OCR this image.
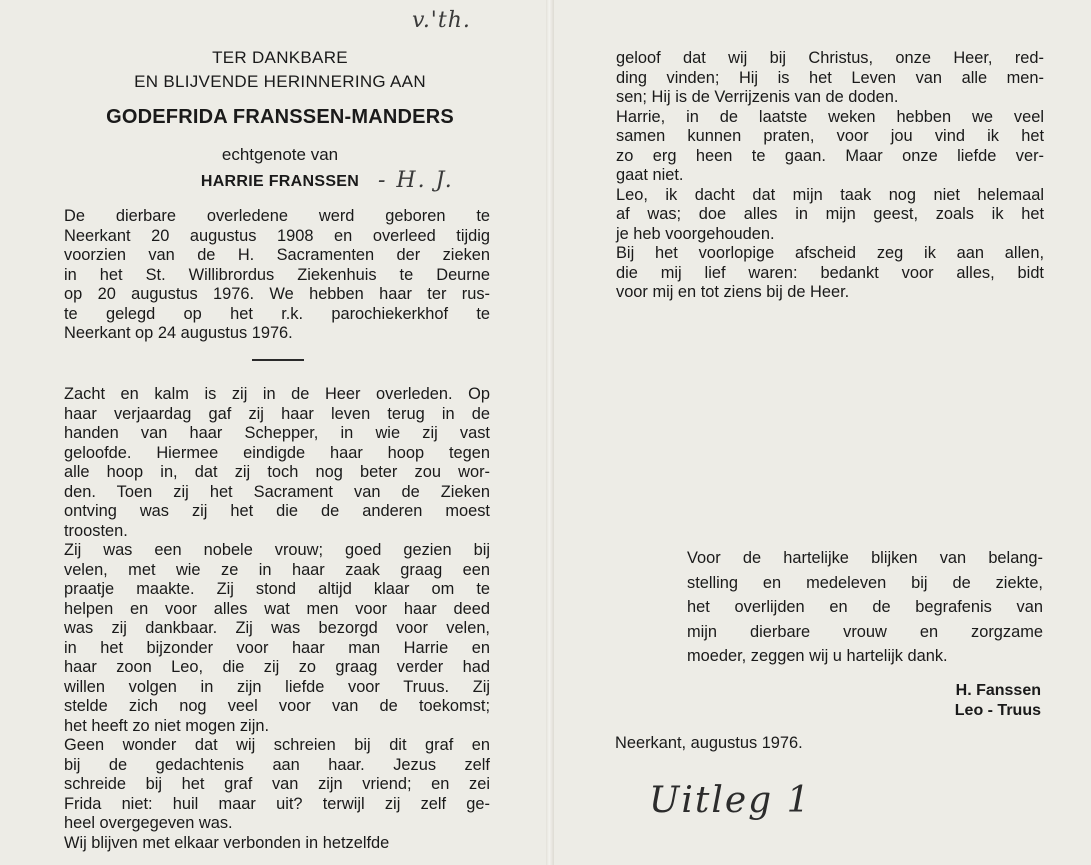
v.'th.
TER DANKBARE
EN BLIJVENDE HERINNERING AAN
GODEFRIDA FRANSSEN-MANDERS
echtgenote van
HARRIE FRANSSEN - H. J.
De dierbare overledene werd geboren te
Neerkant 20 augustus 1908 en overleed tijdig
voorzien van de H. Sacramenten der zieken
in het St. Willibrordus Ziekenhuis te Deurne
op 20 augustus 1976. We hebben haar ter rus-
te gelegd op het r.k. parochiekerkhof te
Neerkant op 24 augustus 1976.
Zacht en kalm is zij in de Heer overleden. Op
haar verjaardag gaf zij haar leven terug in de
handen van haar Schepper, in wie zij vast
geloofde. Hiermee eindigde haar hoop tegen
alle hoop in, dat zij toch nog beter zou wor-
den. Toen zij het Sacrament van de Zieken
ontving was zij het die de anderen moest
troosten.
Zij was een nobele vrouw; goed gezien bij
velen, met wie ze in haar zaak graag een
praatje maakte. Zij stond altijd klaar om te
helpen en voor alles wat men voor haar deed
was zij dankbaar. Zij was bezorgd voor velen,
in het bijzonder voor haar man Harrie en
haar zoon Leo, die zij zo graag verder had
willen volgen in zijn liefde voor Truus. Zij
stelde zich nog veel voor van de toekomst;
het heeft zo niet mogen zijn.
Geen wonder dat wij schreien bij dit graf en
bij de gedachtenis aan haar. Jezus zelf
schreide bij het graf van zijn vriend; en zei
Frida niet: huil maar uit? terwijl zij zelf ge-
heel overgegeven was.
Wij blijven met elkaar verbonden in hetzelfde
geloof dat wij bij Christus, onze Heer, red-
ding vinden; Hij is het Leven van alle men-
sen; Hij is de Verrijzenis van de doden.
Harrie, in de laatste weken hebben we veel
samen kunnen praten, voor jou vind ik het
zo erg heen te gaan. Maar onze liefde ver-
gaat niet.
Leo, ik dacht dat mijn taak nog niet helemaal
af was; doe alles in mijn geest, zoals ik het
je heb voorgehouden.
Bij het voorlopige afscheid zeg ik aan allen,
die mij lief waren: bedankt voor alles, bidt
voor mij en tot ziens bij de Heer.
Voor de hartelijke blijken van belang-
stelling en medeleven bij de ziekte,
het overlijden en de begrafenis van
mijn dierbare vrouw en zorgzame
moeder, zeggen wij u hartelijk dank.
H. Fanssen
Leo - Truus
Neerkant, augustus 1976.
Uitleg 1
